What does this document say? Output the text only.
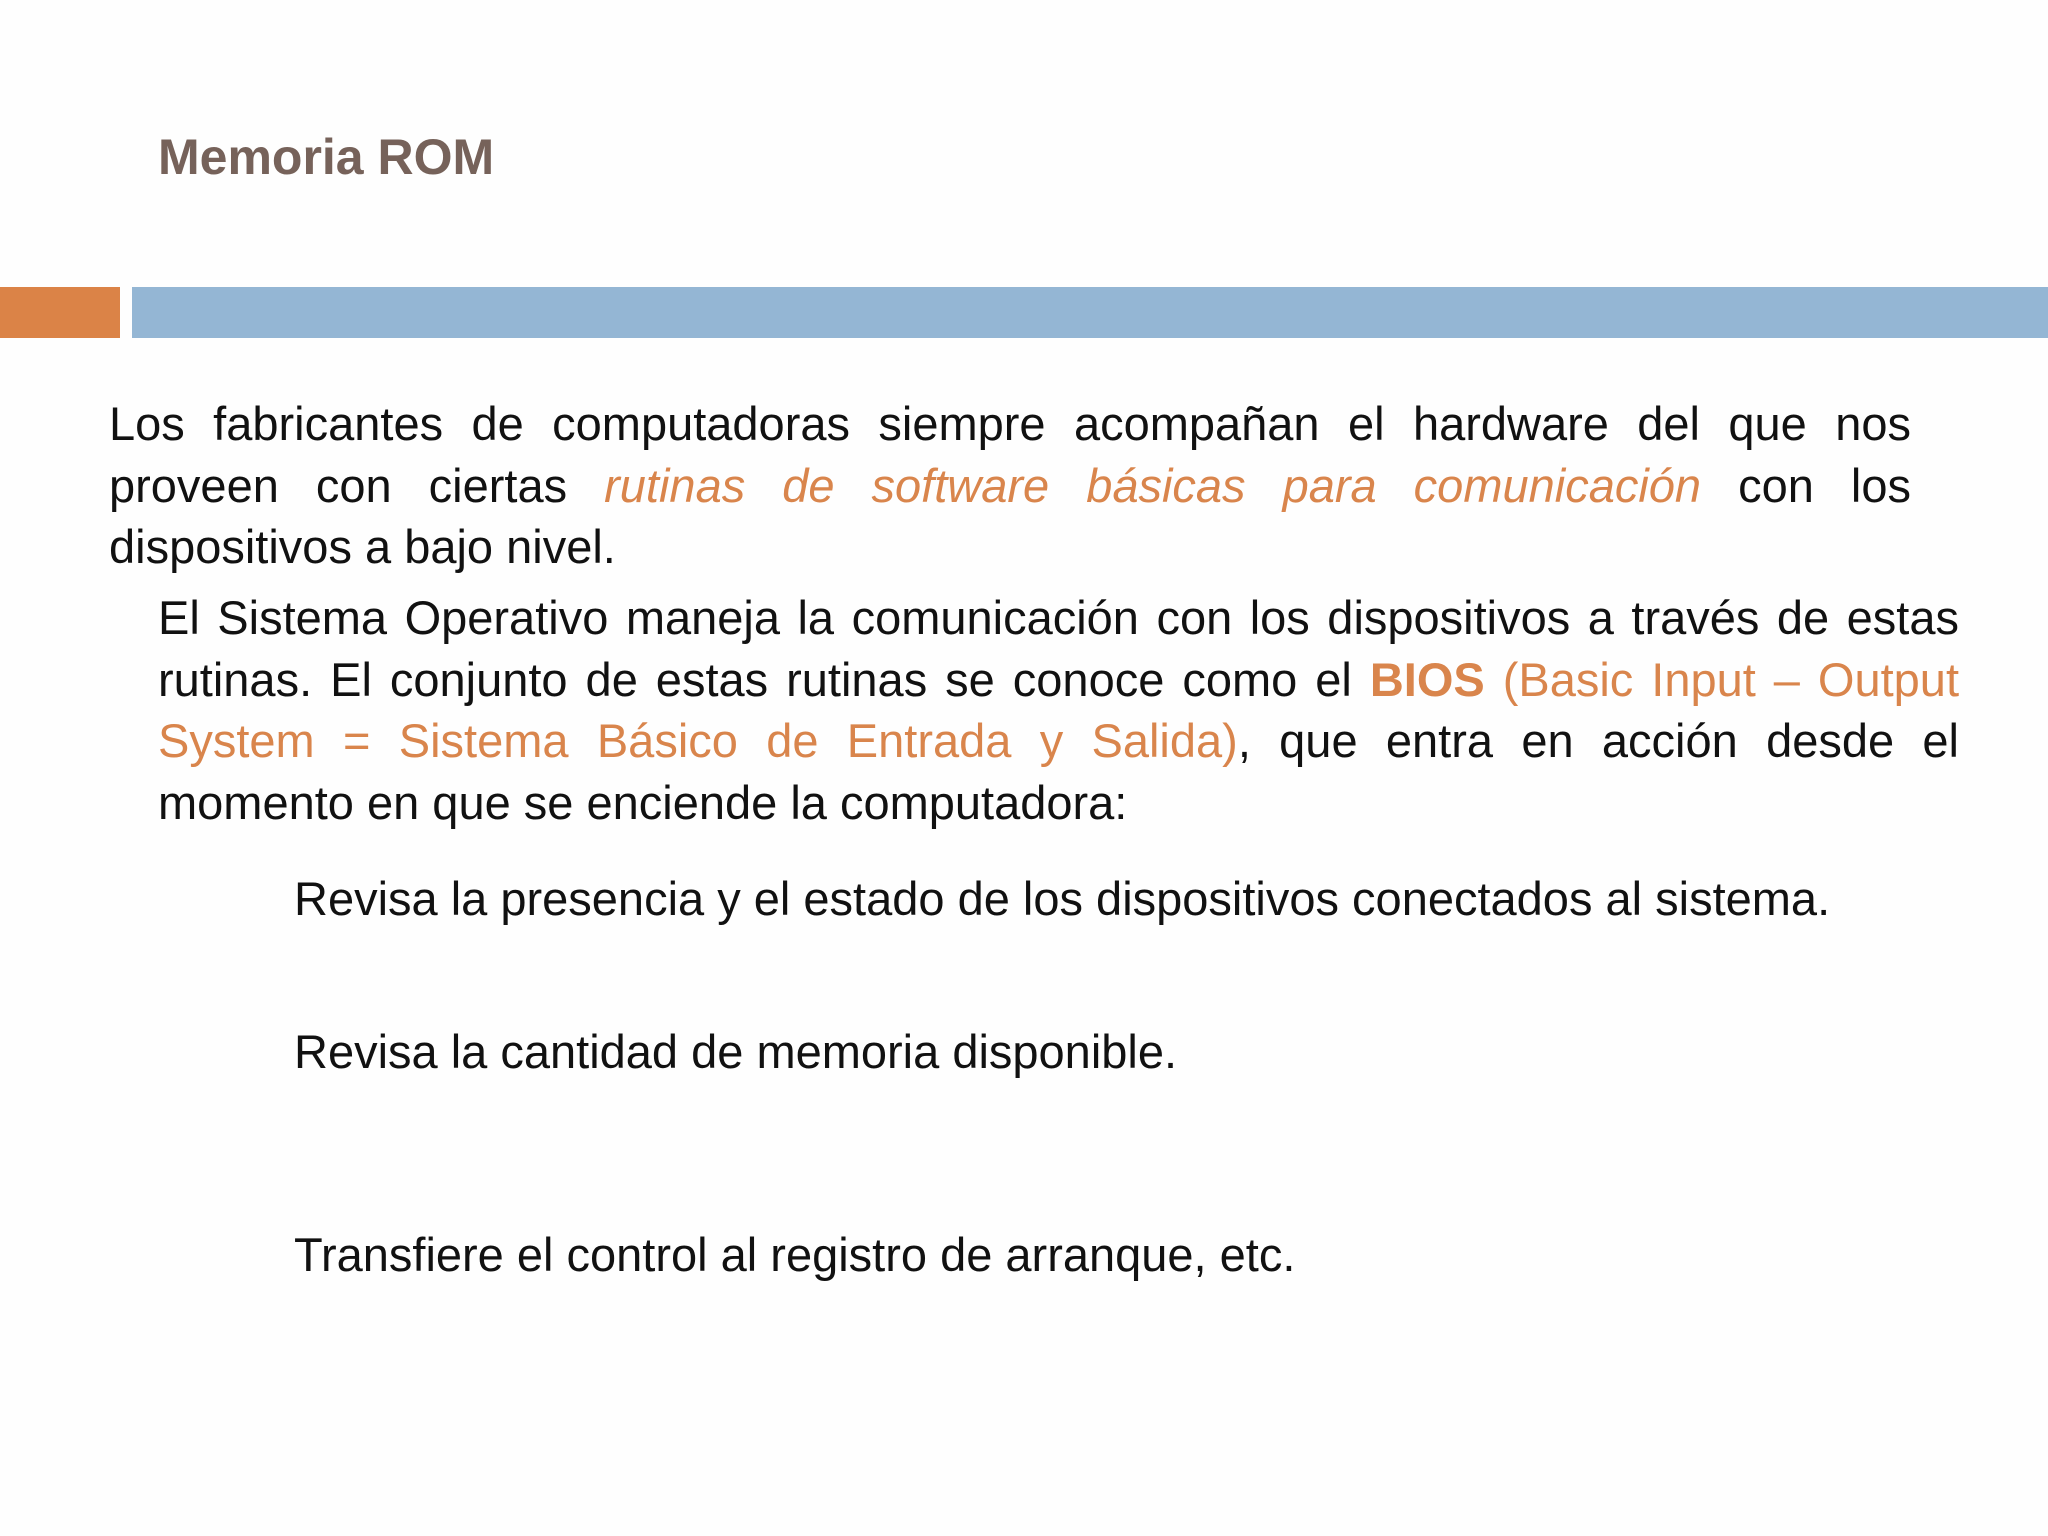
Memoria ROM
Los fabricantes de computadoras siempre acompañan el hardware del que nos proveen con ciertas rutinas de software básicas para comunicación con los dispositivos a bajo nivel.
El Sistema Operativo maneja la comunicación con los dispositivos a través de estas rutinas. El conjunto de estas rutinas se conoce como el BIOS (Basic Input – Output System = Sistema Básico de Entrada y Salida), que entra en acción desde el momento en que se enciende la computadora:
Revisa la presencia y el estado de los dispositivos conectados al sistema.
Revisa la cantidad de memoria disponible.
Transfiere el control al registro de arranque, etc.
